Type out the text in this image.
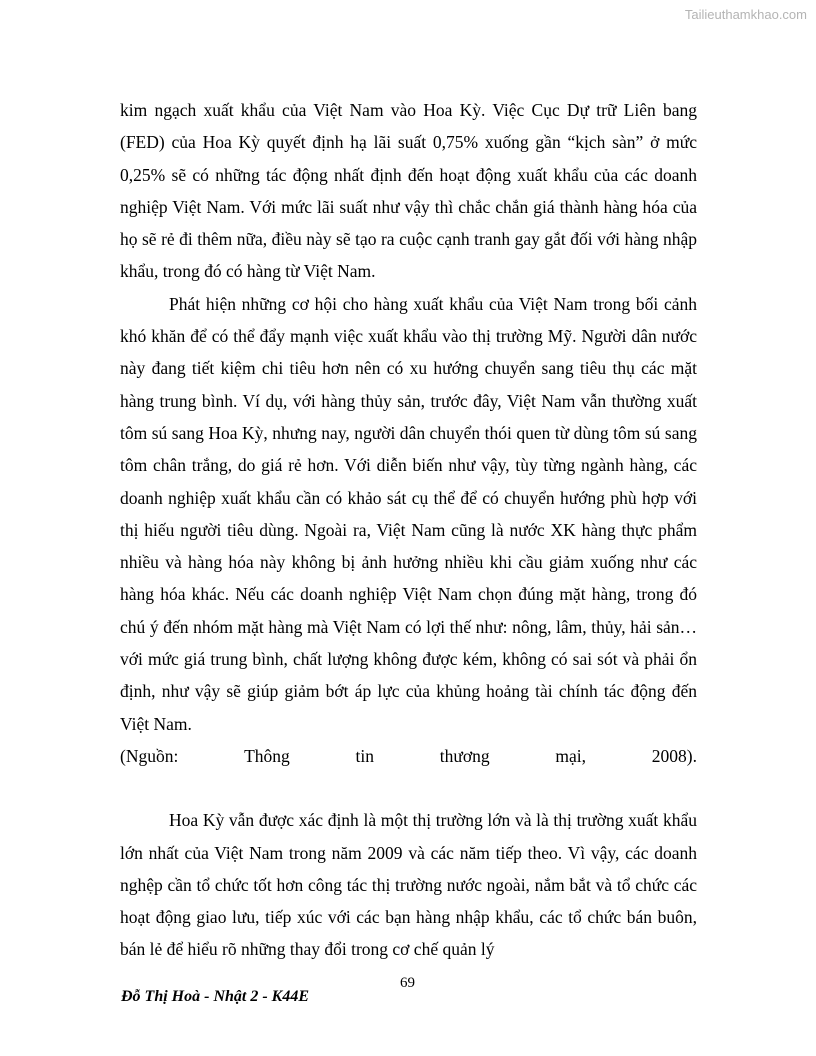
Tailieuthamkhao.com

kim ngạch xuất khẩu của Việt Nam vào Hoa Kỳ. Việc Cục Dự trữ Liên bang (FED) của Hoa Kỳ quyết định hạ lãi suất 0,75% xuống gần “kịch sàn” ở mức 0,25% sẽ có những tác động nhất định đến hoạt động xuất khẩu của các doanh nghiệp Việt Nam. Với mức lãi suất như vậy thì chắc chắn giá thành hàng hóa của họ sẽ rẻ đi thêm nữa, điều này sẽ tạo ra cuộc cạnh tranh gay gắt đối với hàng nhập khẩu, trong đó có hàng từ Việt Nam.

Phát hiện những cơ hội cho hàng xuất khẩu của Việt Nam trong bối cảnh khó khăn để có thể đẩy mạnh việc xuất khẩu vào thị trường Mỹ. Người dân nước này đang tiết kiệm chi tiêu hơn nên có xu hướng chuyển sang tiêu thụ các mặt hàng trung bình. Ví dụ, với hàng thủy sản, trước đây, Việt Nam vẫn thường xuất tôm sú sang Hoa Kỳ, nhưng nay, người dân chuyển thói quen từ dùng tôm sú sang tôm chân trắng, do giá rẻ hơn. Với diễn biến như vậy, tùy từng ngành hàng, các doanh nghiệp xuất khẩu cần có khảo sát cụ thể để có chuyển hướng phù hợp với thị hiếu người tiêu dùng. Ngoài ra, Việt Nam cũng là nước XK hàng thực phẩm nhiều và hàng hóa này không bị ảnh hưởng nhiều khi cầu giảm xuống như các hàng hóa khác. Nếu các doanh nghiệp Việt Nam chọn đúng mặt hàng, trong đó chú ý đến nhóm mặt hàng mà Việt Nam có lợi thế như: nông, lâm, thủy, hải sản… với mức giá trung bình, chất lượng không được kém, không có sai sót và phải ổn định, như vậy sẽ giúp giảm bớt áp lực của khủng hoảng tài chính tác động đến Việt Nam.

(Nguồn:	Thông	tin	thương	mại,	2008).

Hoa Kỳ vẫn được xác định là một thị trường lớn và là thị trường xuất khẩu lớn nhất của Việt Nam trong năm 2009 và các năm tiếp theo. Vì vậy, các doanh nghệp cần tổ chức tốt hơn công tác thị trường nước ngoài, nắm bắt và tổ chức các hoạt động giao lưu, tiếp xúc với các bạn hàng nhập khẩu, các tổ chức bán buôn, bán lẻ để hiểu rõ những thay đổi trong cơ chế quản lý

69
Đỗ Thị Hoà - Nhật 2 - K44E
